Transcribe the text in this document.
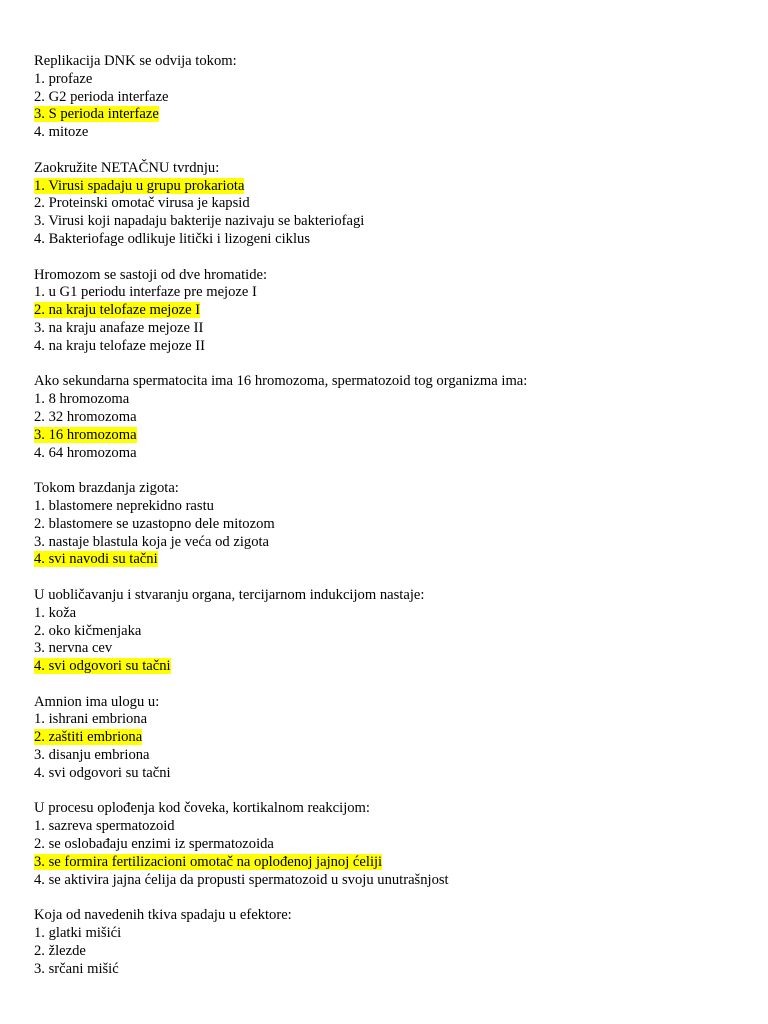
Replikacija DNK se odvija tokom:
1. profaze
2. G2 perioda interfaze
3. S perioda interfaze
4. mitoze
Zaokružite NETAČNU tvrdnju:
1. Virusi spadaju u grupu prokariota
2. Proteinski omotač virusa je kapsid
3. Virusi koji napadaju bakterije nazivaju se bakteriofagi
4. Bakteriofage odlikuje litički i lizogeni ciklus
Hromozom se sastoji od dve hromatide:
1. u G1 periodu interfaze pre mejoze I
2. na kraju telofaze mejoze I
3. na kraju anafaze mejoze II
4. na kraju telofaze mejoze II
Ako sekundarna spermatocita ima 16 hromozoma, spermatozoid tog organizma ima:
1. 8 hromozoma
2. 32 hromozoma
3. 16 hromozoma
4. 64 hromozoma
Tokom brazdanja zigota:
1. blastomere neprekidno rastu
2. blastomere se uzastopno dele mitozom
3. nastaje blastula koja je veća od zigota
4. svi navodi su tačni
U uobličavanju i stvaranju organa, tercijarnom indukcijom nastaje:
1. koža
2. oko kičmenjaka
3. nervna cev
4. svi odgovori su tačni
Amnion ima ulogu u:
1. ishrani embriona
2. zaštiti embriona
3. disanju embriona
4. svi odgovori su tačni
U procesu oplođenja kod čoveka, kortikalnom reakcijom:
1. sazreva spermatozoid
2. se oslobađaju enzimi iz spermatozoida
3. se formira fertilizacioni omotač na oplođenoj jajnoj ćeliji
4. se aktivira jajna ćelija da propusti spermatozoid u svoju unutrašnjost
Koja od navedenih tkiva spadaju u efektore:
1. glatki mišići
2. žlezde
3. srčani mišić
